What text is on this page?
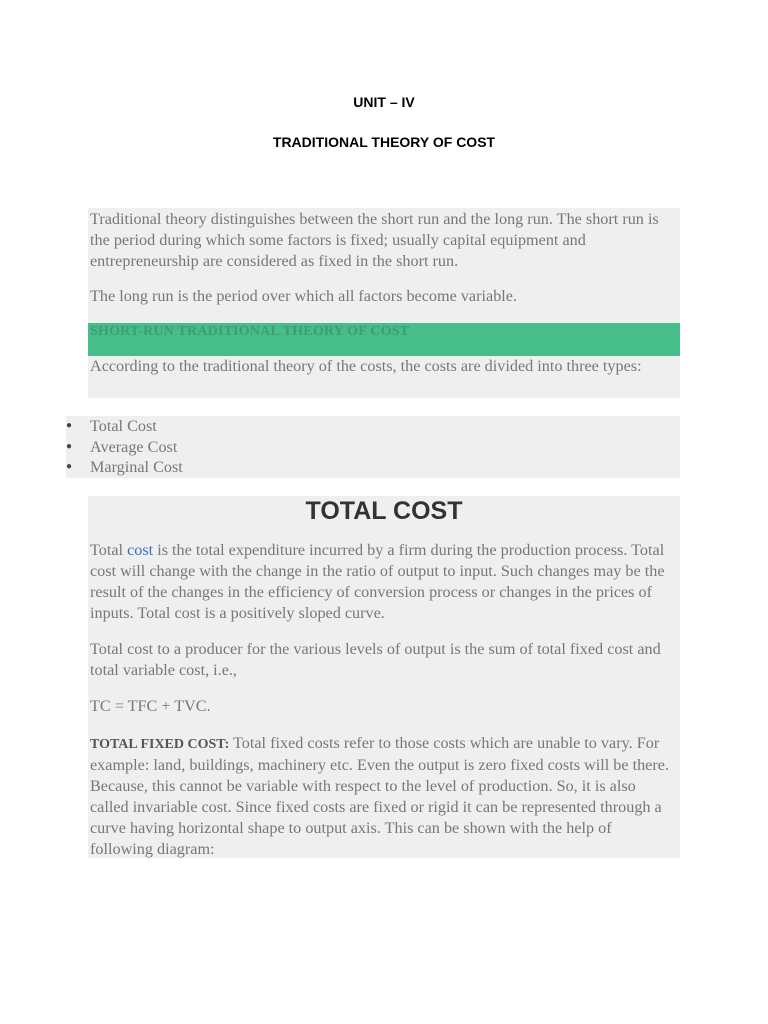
UNIT – IV
TRADITIONAL THEORY OF COST

Traditional theory distinguishes between the short run and the long run. The short run is the period during which some factors is fixed; usually capital equipment and entrepreneurship are considered as fixed in the short run.

The long run is the period over which all factors become variable.

SHORT-RUN TRADITIONAL THEORY OF COST

According to the traditional theory of the costs, the costs are divided into three types:

● Total Cost
● Average Cost
● Marginal Cost
TOTAL COST

Total cost is the total expenditure incurred by a firm during the production process. Total cost will change with the change in the ratio of output to input. Such changes may be the result of the changes in the efficiency of conversion process or changes in the prices of inputs. Total cost is a positively sloped curve.

Total cost to a producer for the various levels of output is the sum of total fixed cost and total variable cost, i.e.,

TC = TFC + TVC.

TOTAL FIXED COST: Total fixed costs refer to those costs which are unable to vary. For example: land, buildings, machinery etc. Even the output is zero fixed costs will be there. Because, this cannot be variable with respect to the level of production. So, it is also called invariable cost. Since fixed costs are fixed or rigid it can be represented through a curve having horizontal shape to output axis. This can be shown with the help of following diagram:
